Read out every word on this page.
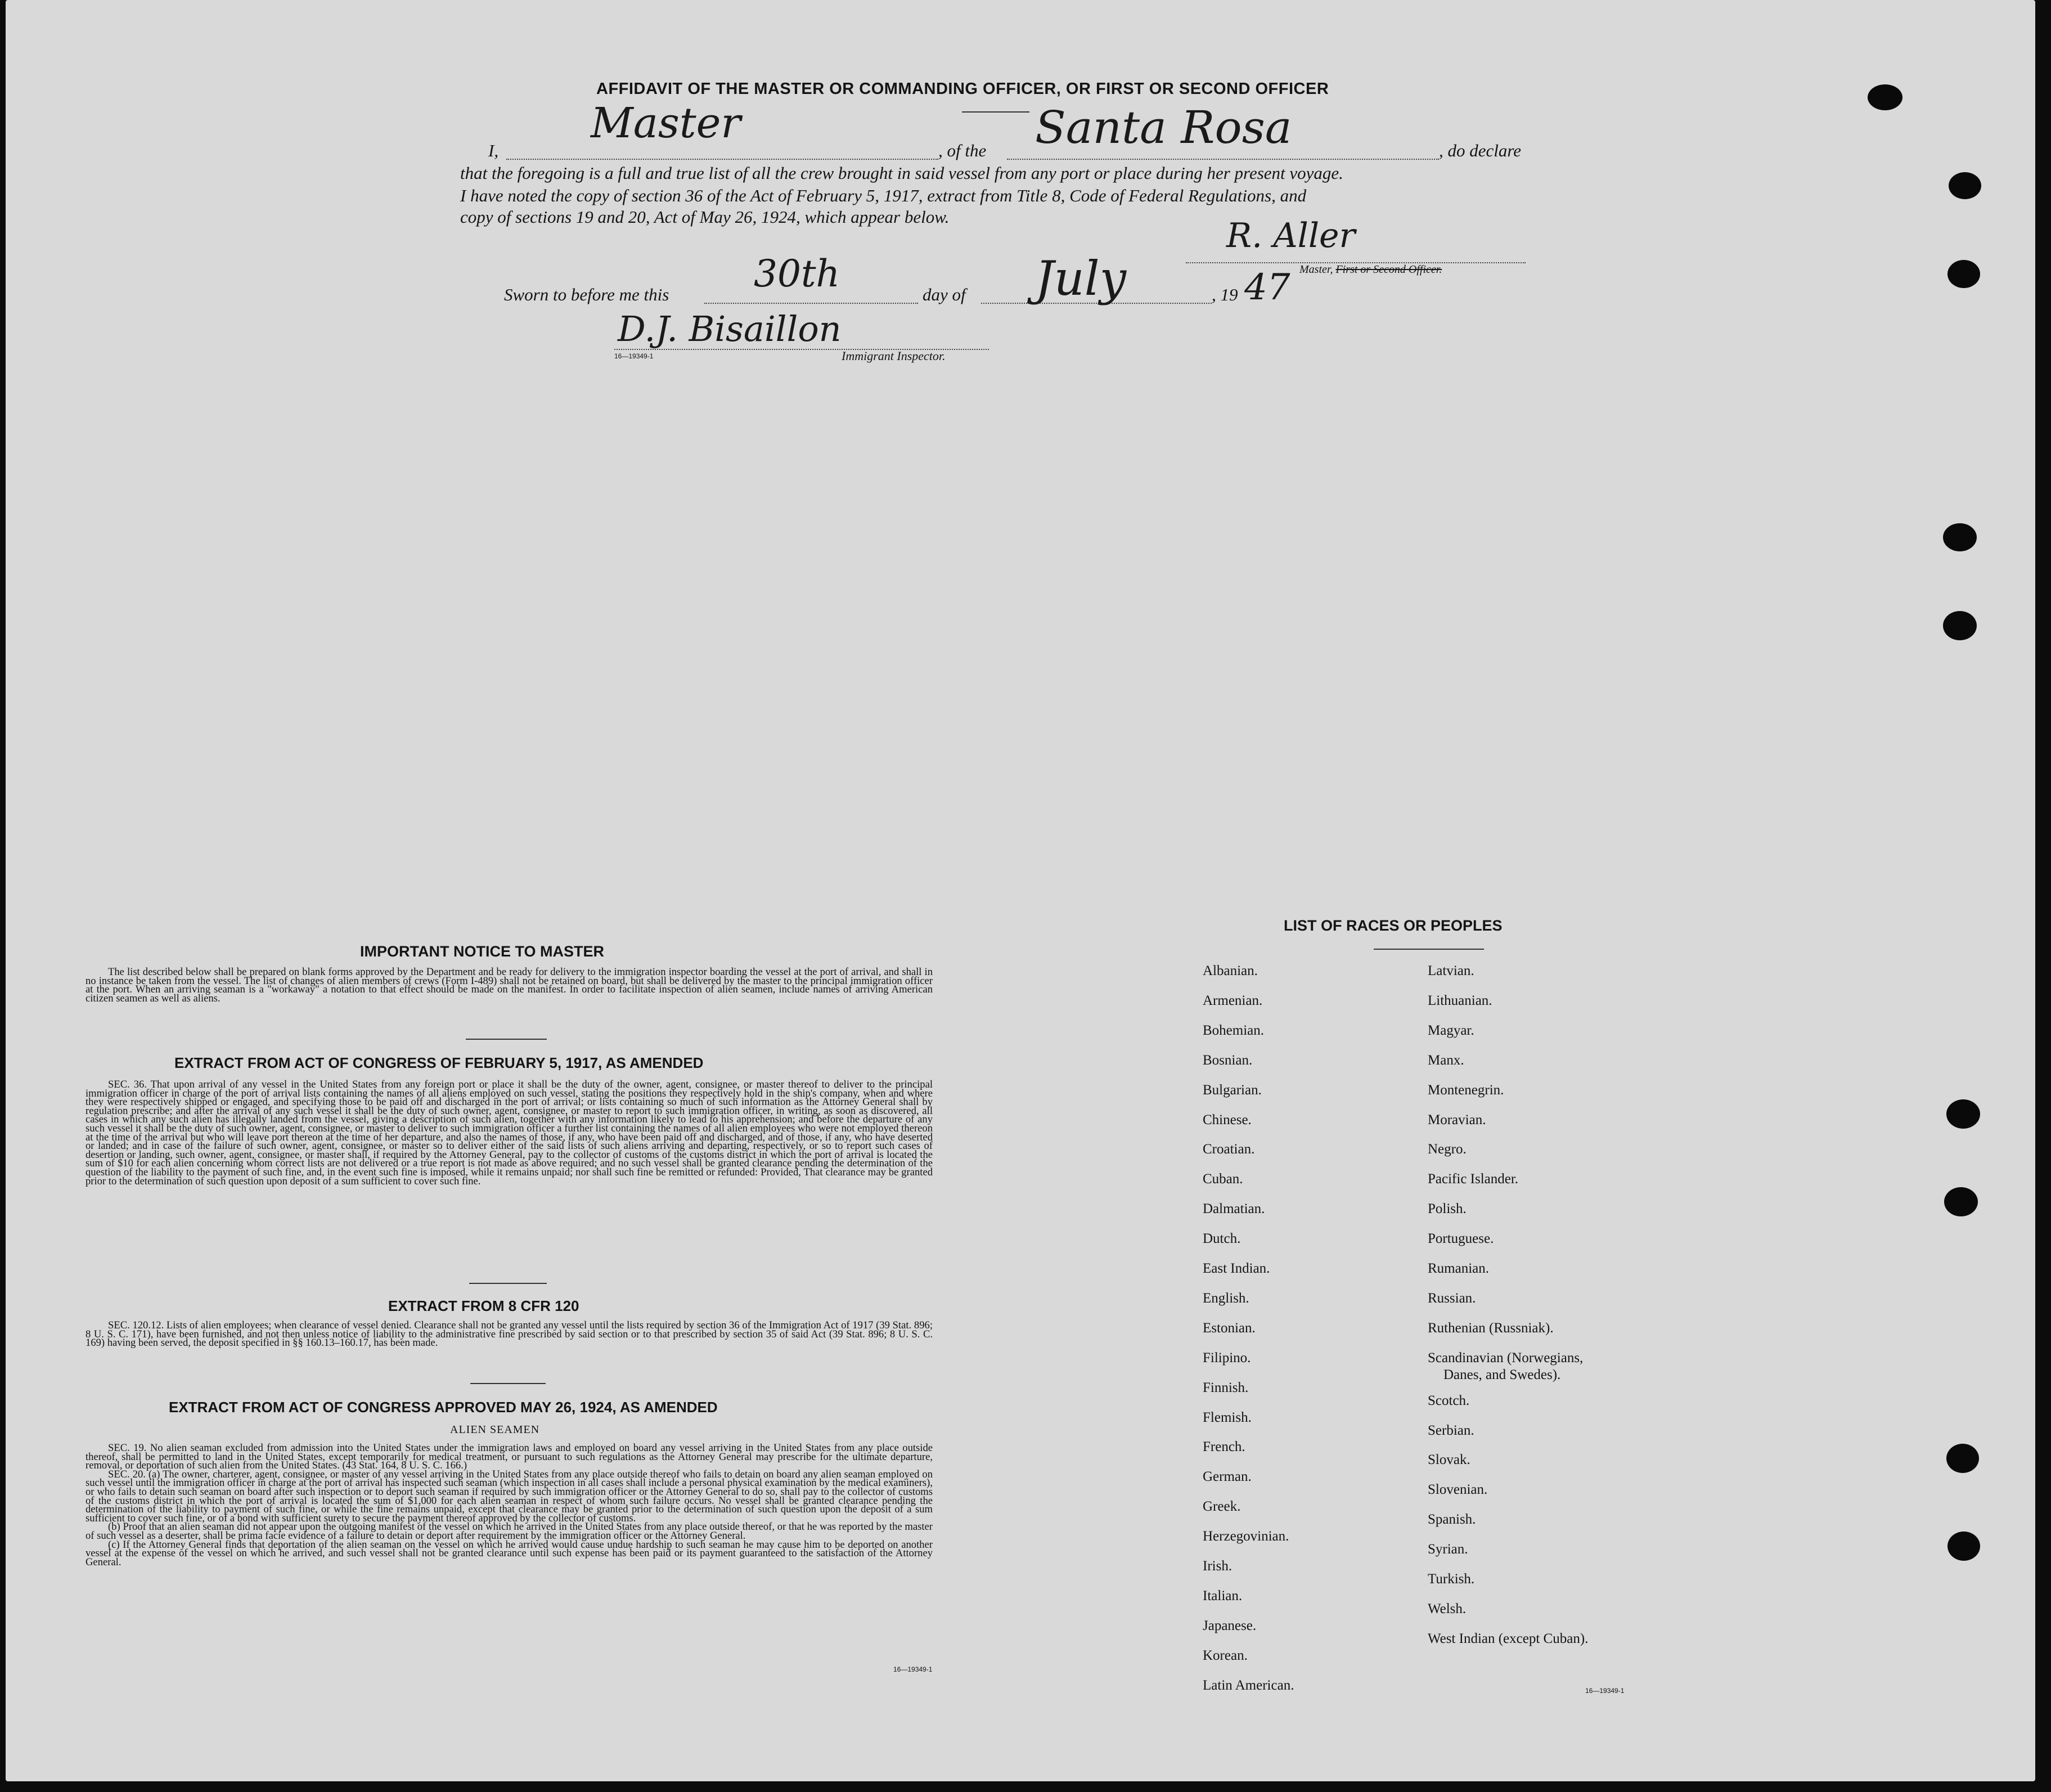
AFFIDAVIT OF THE MASTER OR COMMANDING OFFICER, OR FIRST OR SECOND OFFICER
I,
Master
, of the Santa Rosa	, do declare
that the foregoing is a full and true list of all the crew brought in said vessel from any port or place during her present voyage.
I have noted the copy of section 36 of the Act of February 5, 1917, extract from Title 8, Code of Federal Regulations, and
copy of sections 19 and 20, Act of May 26, 1924, which appear below.	R. Aller
Master, First or Second Officer.
Sworn to before me this 30th	day of July	, 19 47
D.J. Bisaillon
16—19349-1	Immigrant Inspector.
IMPORTANT NOTICE TO MASTER

The list described below shall be prepared on blank forms approved by the Department and be ready for delivery to the immigration inspector boarding the vessel at the port of arrival, and shall in no instance be taken from the vessel. The list of changes of alien members of crews (Form I-489) shall not be retained on board, but shall be delivered by the master to the principal immigration officer at the port. When an arriving seaman is a "workaway" a notation to that effect should be made on the manifest. In order to facilitate inspection of alien seamen, include names of arriving American citizen seamen as well as aliens.

EXTRACT FROM ACT OF CONGRESS OF FEBRUARY 5, 1917, AS AMENDED

SEC. 36. That upon arrival of any vessel in the United States from any foreign port or place it shall be the duty of the owner, agent, consignee, or master thereof to deliver to the principal immigration officer in charge of the port of arrival lists containing the names of all aliens employed on such vessel, stating the positions they respectively hold in the ship's company, when and where they were respectively shipped or engaged, and specifying those to be paid off and discharged in the port of arrival; or lists containing so much of such information as the Attorney General shall by regulation prescribe; and after the arrival of any such vessel it shall be the duty of such owner, agent, consignee, or master to report to such immigration officer, in writing, as soon as discovered, all cases in which any such alien has illegally landed from the vessel, giving a description of such alien, together with any information likely to lead to his apprehension; and before the departure of any such vessel it shall be the duty of such owner, agent, consignee, or master to deliver to such immigration officer a further list containing the names of all alien employees who were not employed thereon at the time of the arrival but who will leave port thereon at the time of her departure, and also the names of those, if any, who have been paid off and discharged, and of those, if any, who have deserted or landed; and in case of the failure of such owner, agent, consignee, or master so to deliver either of the said lists of such aliens arriving and departing, respectively, or so to report such cases of desertion or landing, such owner, agent, consignee, or master shall, if required by the Attorney General, pay to the collector of customs of the customs district in which the port of arrival is located the sum of $10 for each alien concerning whom correct lists are not delivered or a true report is not made as above required; and no such vessel shall be granted clearance pending the determination of the question of the liability to the payment of such fine, and, in the event such fine is imposed, while it remains unpaid; nor shall such fine be remitted or refunded: Provided, That clearance may be granted prior to the determination of such question upon deposit of a sum sufficient to cover such fine.

EXTRACT FROM 8 CFR 120

SEC. 120.12. Lists of alien employees; when clearance of vessel denied. Clearance shall not be granted any vessel until the lists required by section 36 of the Immigration Act of 1917 (39 Stat. 896; 8 U. S. C. 171), have been furnished, and not then unless notice of liability to the administrative fine prescribed by said section or to that prescribed by section 35 of said Act (39 Stat. 896; 8 U. S. C. 169) having been served, the deposit specified in §§ 160.13–160.17, has been made.

EXTRACT FROM ACT OF CONGRESS APPROVED MAY 26, 1924, AS AMENDED
ALIEN SEAMEN

SEC. 19. No alien seaman excluded from admission into the United States under the immigration laws and employed on board any vessel arriving in the United States from any place outside thereof, shall be permitted to land in the United States, except temporarily for medical treatment, or pursuant to such regulations as the Attorney General may prescribe for the ultimate departure, removal, or deportation of such alien from the United States. (43 Stat. 164, 8 U. S. C. 166.)

SEC. 20. (a) The owner, charterer, agent, consignee, or master of any vessel arriving in the United States from any place outside thereof who fails to detain on board any alien seaman employed on such vessel until the immigration officer in charge at the port of arrival has inspected such seaman (which inspection in all cases shall include a personal physical examination by the medical examiners), or who fails to detain such seaman on board after such inspection or to deport such seaman if required by such immigration officer or the Attorney General to do so, shall pay to the collector of customs of the customs district in which the port of arrival is located the sum of $1,000 for each alien seaman in respect of whom such failure occurs. No vessel shall be granted clearance pending the determination of the liability to payment of such fine, or while the fine remains unpaid, except that clearance may be granted prior to the determination of such question upon the deposit of a sum sufficient to cover such fine, or of a bond with sufficient surety to secure the payment thereof approved by the collector of customs.

(b) Proof that an alien seaman did not appear upon the outgoing manifest of the vessel on which he arrived in the United States from any place outside thereof, or that he was reported by the master of such vessel as a deserter, shall be prima facie evidence of a failure to detain or deport after requirement by the immigration officer or the Attorney General.

(c) If the Attorney General finds that deportation of the alien seaman on the vessel on which he arrived would cause undue hardship to such seaman he may cause him to be deported on another vessel at the expense of the vessel on which he arrived, and such vessel shall not be granted clearance until such expense has been paid or its payment guaranteed to the satisfaction of the Attorney General.

16—19349-1
LIST OF RACES OR PEOPLES
16—19349-1
Albanian.
Armenian.
Bohemian.
Bosnian.
Bulgarian.
Chinese.
Croatian.
Cuban.
Dalmatian.
Dutch.
East Indian.
English.
Estonian.
Filipino.
Finnish.
Flemish.
French.
German.
Greek.
Herzegovinian.
Irish.
Italian.
Japanese.
Korean.
Latin American.
Latvian.
Lithuanian.
Magyar.
Manx.
Montenegrin.
Moravian.
Negro.
Pacific Islander.
Polish.
Portuguese.
Rumanian.
Russian.
Ruthenian (Russniak).
Scandinavian (Norwegians,
Danes, and Swedes).
Scotch.
Serbian.
Slovak.
Slovenian.
Spanish.
Syrian.
Turkish.
Welsh.
West Indian (except Cuban).
